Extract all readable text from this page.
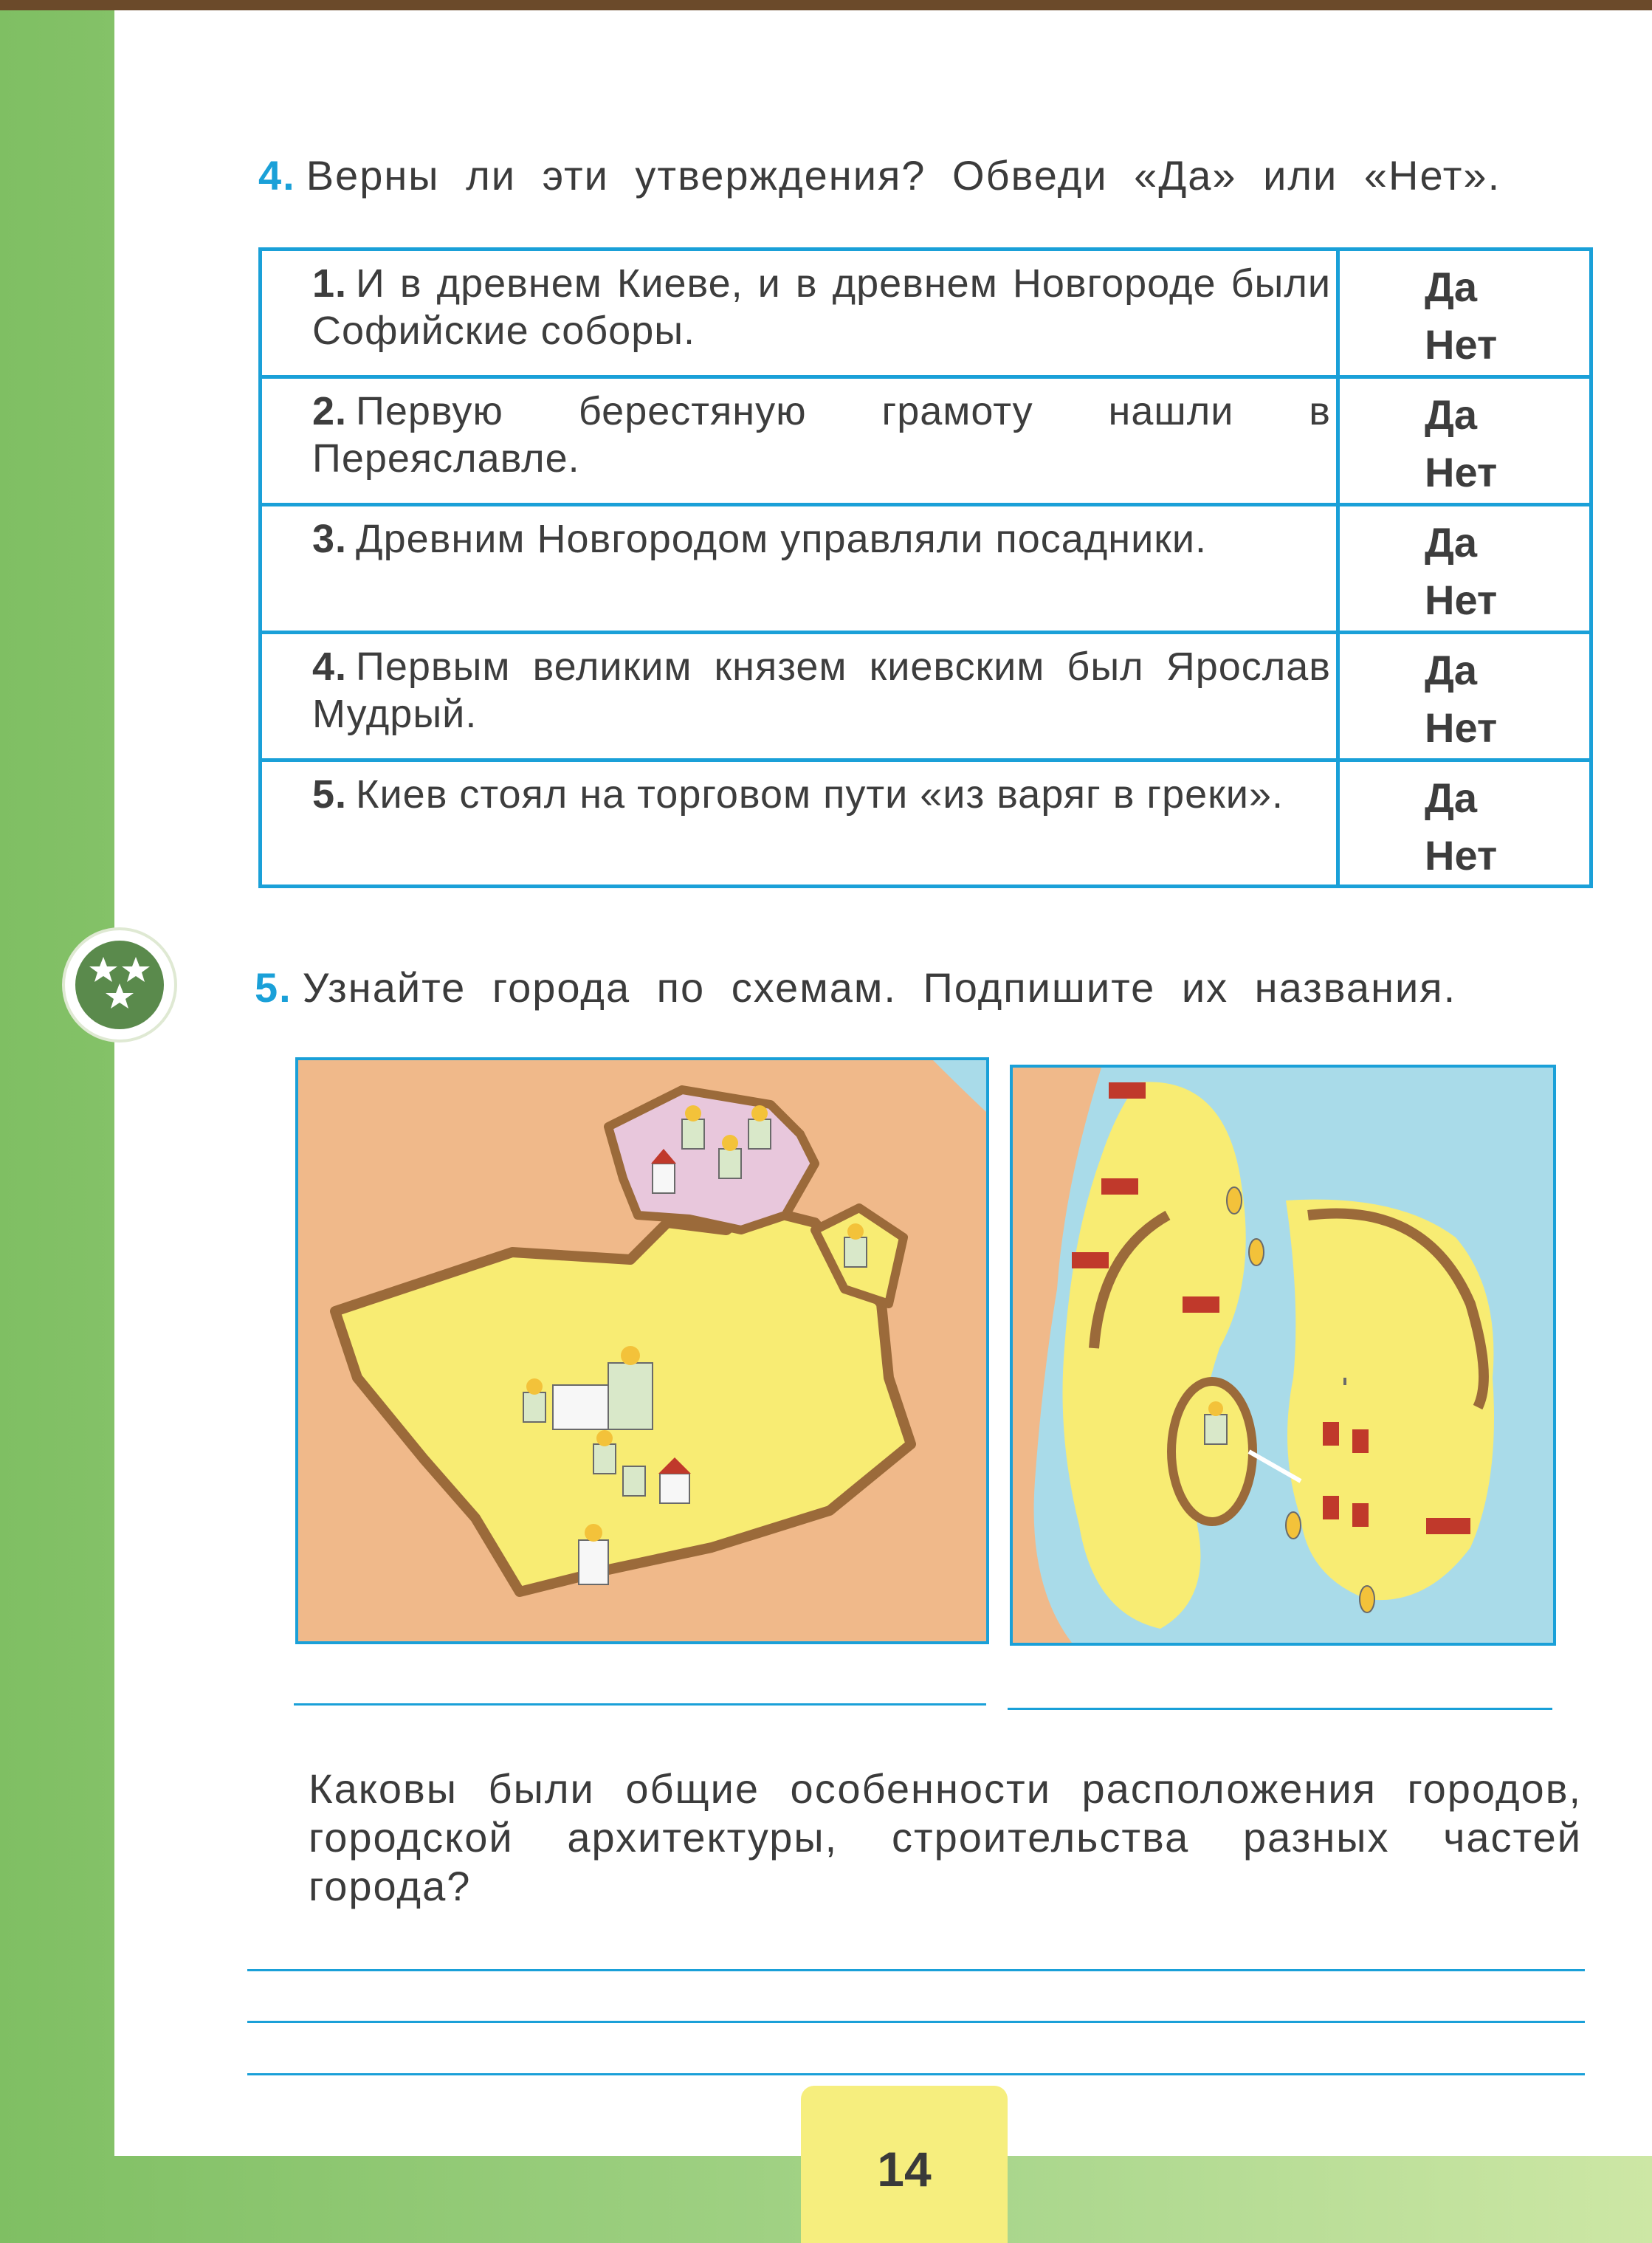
4. Верны ли эти утверждения? Обведи «Да» или «Нет».
1. И в древнем Киеве, и в древнем Новгороде были Софийские соборы.
Да
Нет
2. Первую берестяную грамоту нашли в Переяславле.
Да
Нет
3. Древним Новгородом управляли посадники.	Да
Нет
4. Первым великим князем киевским был Ярослав Мудрый.
Да
Нет
5. Киев стоял на торговом пути «из варяг в греки».	Да
Нет
5. Узнайте города по схемам. Подпишите их названия.
Каковы были общие особенности расположения городов, городской архитектуры, строительства разных частей города?
14
